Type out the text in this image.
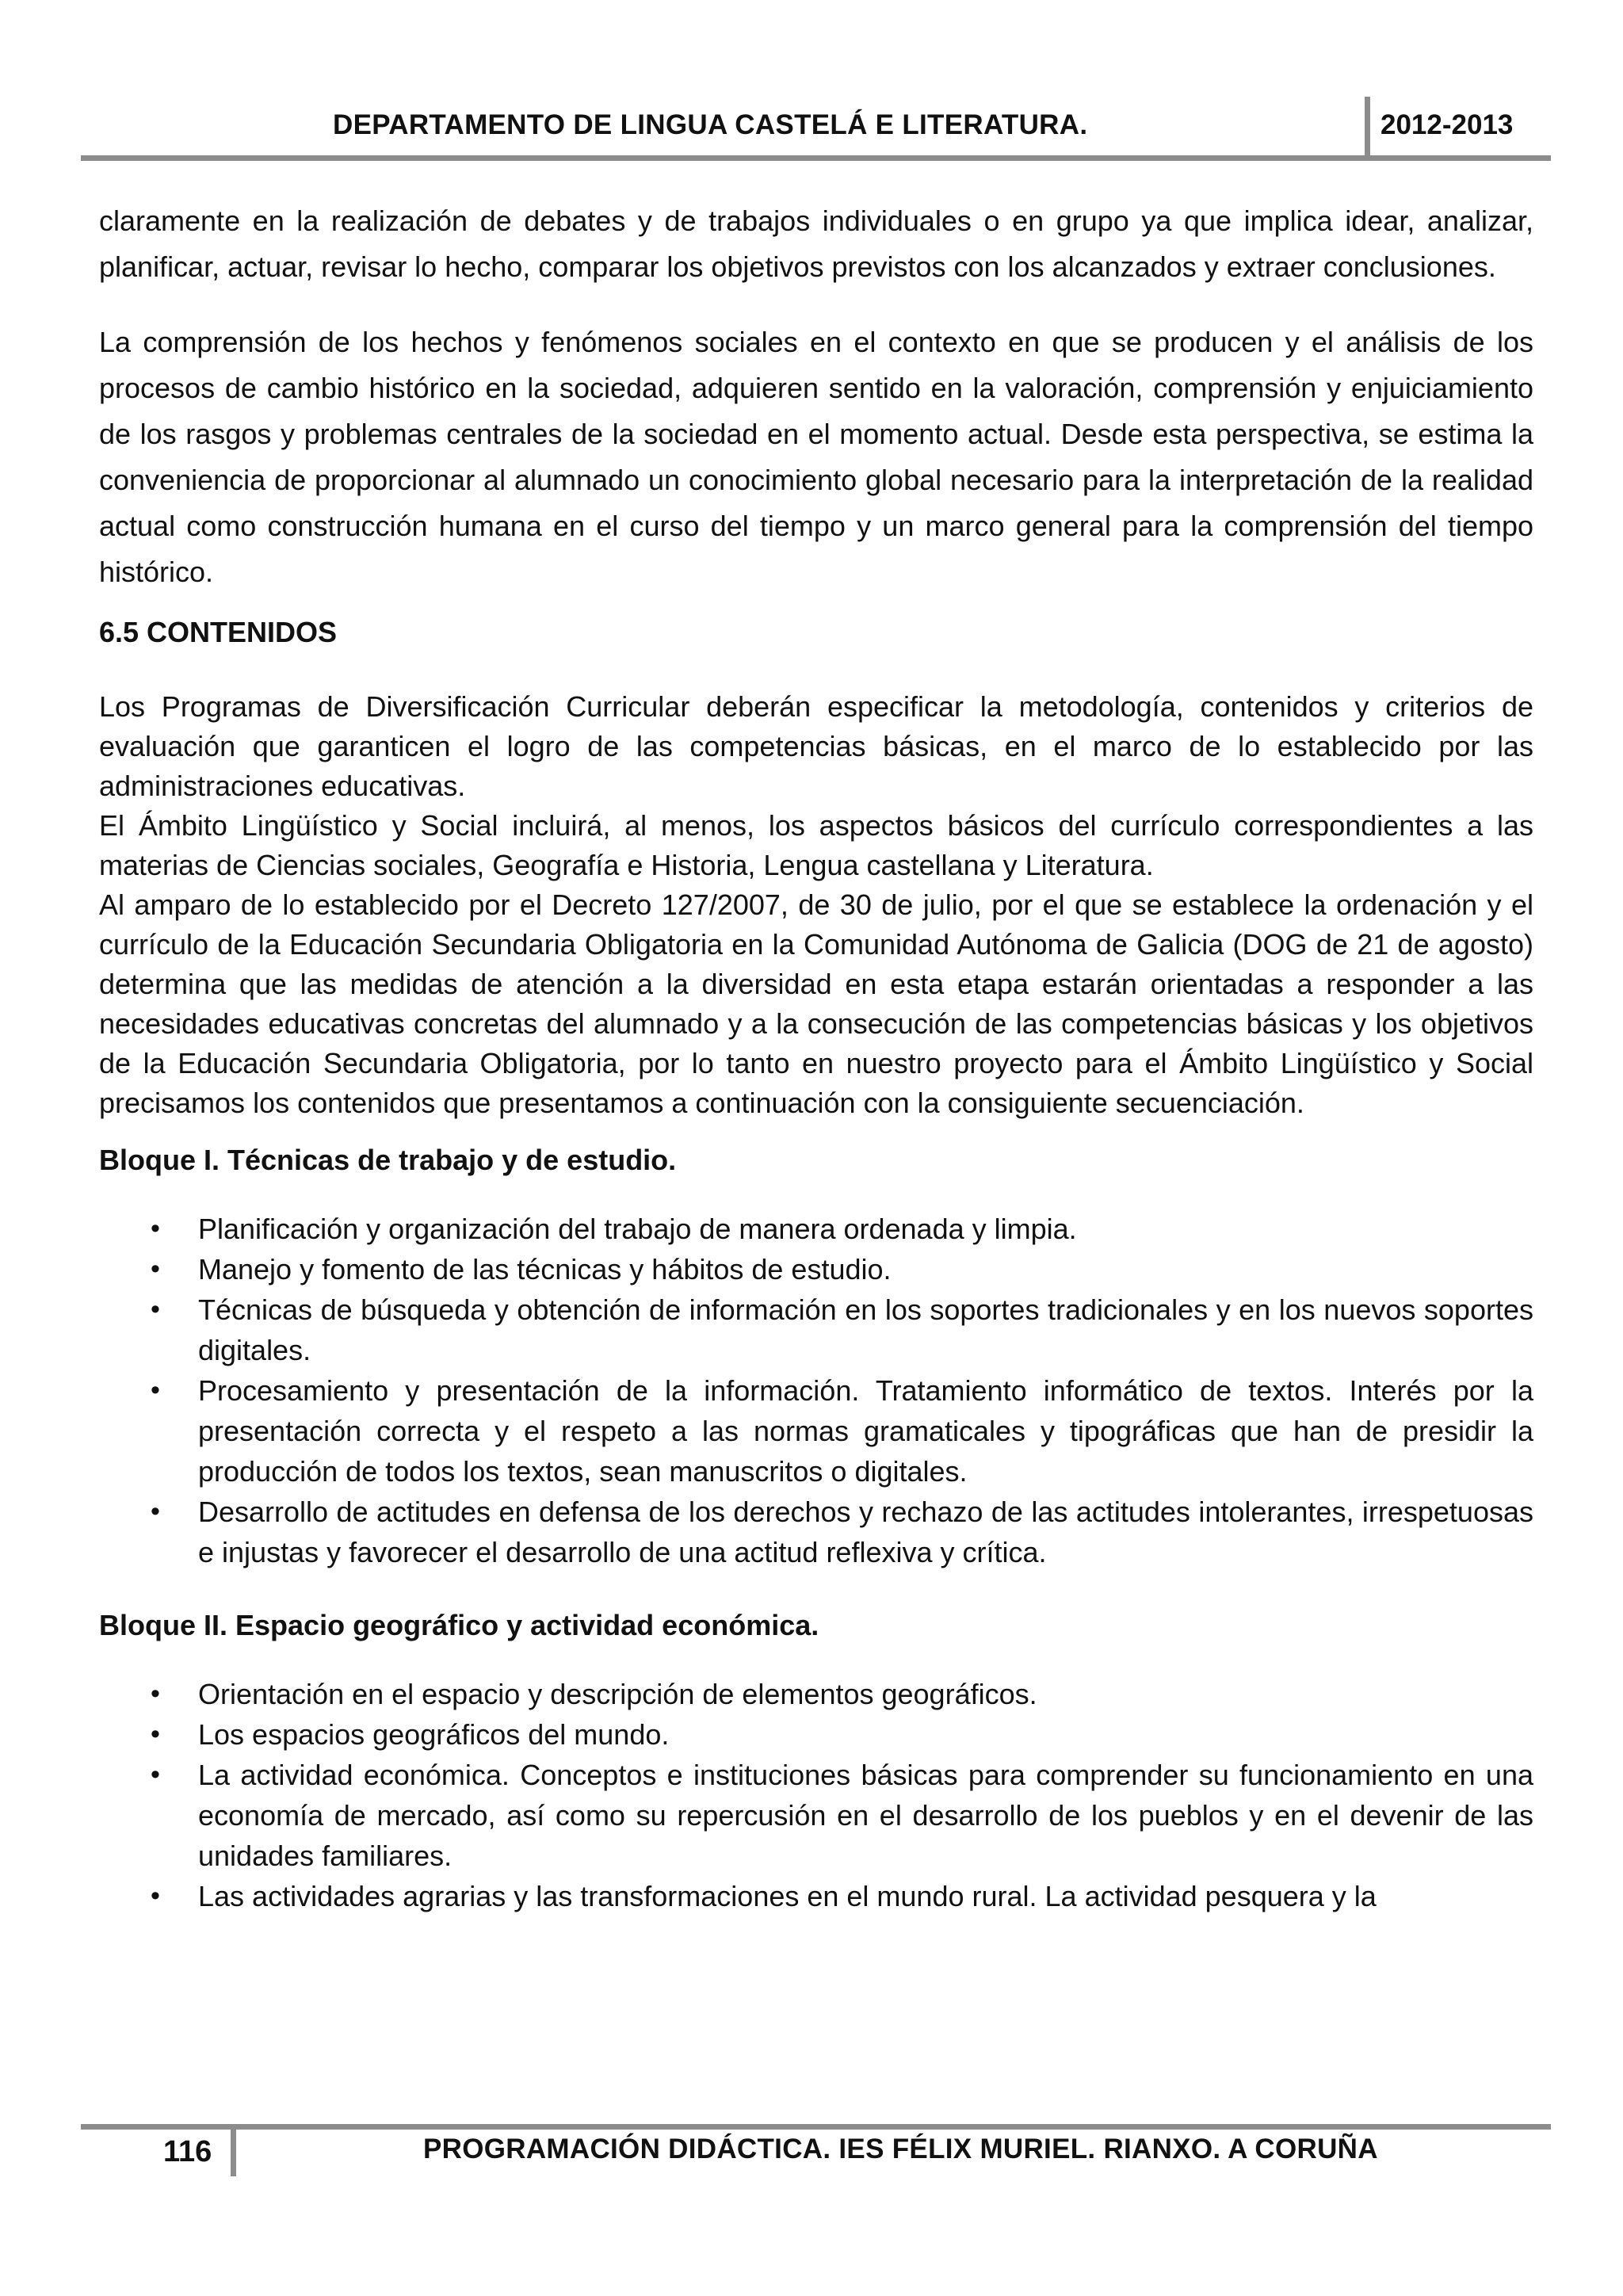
DEPARTAMENTO DE LINGUA CASTELÁ E LITERATURA.	2012-2013

claramente en la realización de debates y de trabajos individuales o en grupo ya que implica idear, analizar, planificar, actuar, revisar lo hecho, comparar los objetivos previstos con los alcanzados y extraer conclusiones.

La comprensión de los hechos y fenómenos sociales en el contexto en que se producen y el análisis de los procesos de cambio histórico en la sociedad, adquieren sentido en la valoración, comprensión y enjuiciamiento de los rasgos y problemas centrales de la sociedad en el momento actual. Desde esta perspectiva, se estima la conveniencia de proporcionar al alumnado un conocimiento global necesario para la interpretación de la realidad actual como construcción humana en el curso del tiempo y un marco general para la comprensión del tiempo histórico.

6.5 CONTENIDOS

Los Programas de Diversificación Curricular deberán especificar la metodología, contenidos y criterios de evaluación que garanticen el logro de las competencias básicas, en el marco de lo establecido por las administraciones educativas.

El Ámbito Lingüístico y Social incluirá, al menos, los aspectos básicos del currículo correspondientes a las materias de Ciencias sociales, Geografía e Historia, Lengua castellana y Literatura.

Al amparo de lo establecido por el Decreto 127/2007, de 30 de julio, por el que se establece la ordenación y el currículo de la Educación Secundaria Obligatoria en la Comunidad Autónoma de Galicia (DOG de 21 de agosto) determina que las medidas de atención a la diversidad en esta etapa estarán orientadas a responder a las necesidades educativas concretas del alumnado y a la consecución de las competencias básicas y los objetivos de la Educación Secundaria Obligatoria, por lo tanto en nuestro proyecto para el Ámbito Lingüístico y Social precisamos los contenidos que presentamos a continuación con la consiguiente secuenciación.

Bloque I. Técnicas de trabajo y de estudio.

• Planificación y organización del trabajo de manera ordenada y limpia.
• Manejo y fomento de las técnicas y hábitos de estudio.
• Técnicas de búsqueda y obtención de información en los soportes tradicionales y en los nuevos soportes digitales.
• Procesamiento y presentación de la información. Tratamiento informático de textos. Interés por la presentación correcta y el respeto a las normas gramaticales y tipográficas que han de presidir la producción de todos los textos, sean manuscritos o digitales.
• Desarrollo de actitudes en defensa de los derechos y rechazo de las actitudes intolerantes, irrespetuosas e injustas y favorecer el desarrollo de una actitud reflexiva y crítica.

Bloque II. Espacio geográfico y actividad económica.

• Orientación en el espacio y descripción de elementos geográficos.
• Los espacios geográficos del mundo.
• La actividad económica. Conceptos e instituciones básicas para comprender su funcionamiento en una economía de mercado, así como su repercusión en el desarrollo de los pueblos y en el devenir de las unidades familiares.
• Las actividades agrarias y las transformaciones en el mundo rural. La actividad pesquera y la
116	PROGRAMACIÓN DIDÁCTICA. IES FÉLIX MURIEL. RIANXO. A CORUÑA
